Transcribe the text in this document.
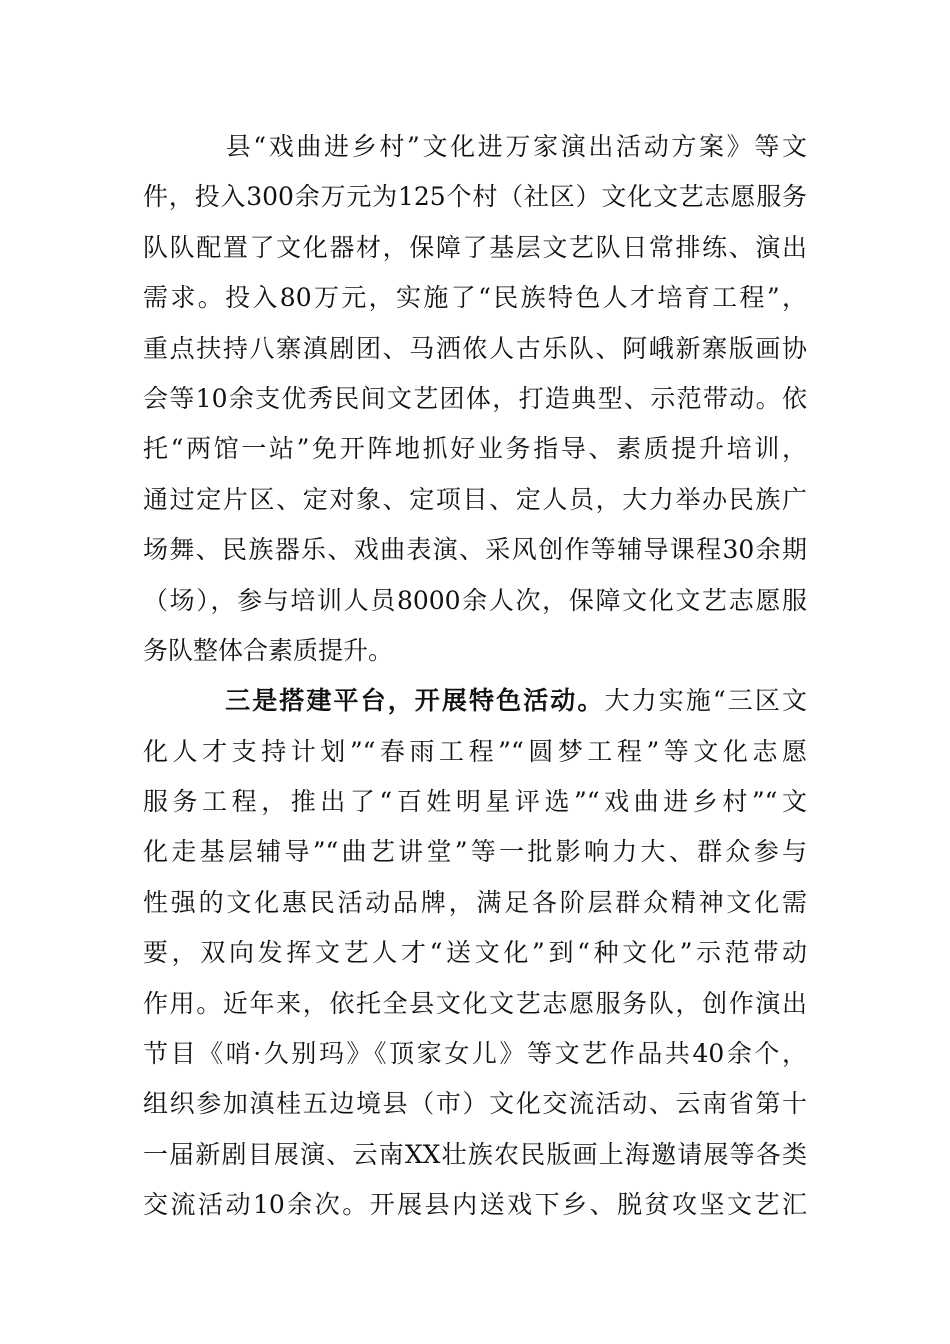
县“戏曲进乡村”文化进万家演出活动方案》等文
件，投入300余万元为125个村（社区）文化文艺志愿服务
队队配置了文化器材，保障了基层文艺队日常排练、演出
需求。投入80万元，实施了“民族特色人才培育工程”，
重点扶持八寨滇剧团、马洒侬人古乐队、阿峨新寨版画协
会等10余支优秀民间文艺团体，打造典型、示范带动。依
托“两馆一站”免开阵地抓好业务指导、素质提升培训，
通过定片区、定对象、定项目、定人员，大力举办民族广
场舞、民族器乐、戏曲表演、采风创作等辅导课程30余期
（场），参与培训人员8000余人次，保障文化文艺志愿服
务队整体合素质提升。
三是搭建平台，开展特色活动。大力实施“三区文
化人才支持计划”“春雨工程”“圆梦工程”等文化志愿
服务工程，推出了“百姓明星评选”“戏曲进乡村”“文
化走基层辅导”“曲艺讲堂”等一批影响力大、群众参与
性强的文化惠民活动品牌，满足各阶层群众精神文化需
要，双向发挥文艺人才“送文化”到“种文化”示范带动
作用。近年来，依托全县文化文艺志愿服务队，创作演出
节目《哨·久别玛》《顶家女儿》等文艺作品共40余个，
组织参加滇桂五边境县（市）文化交流活动、云南省第十
一届新剧目展演、云南XX壮族农民版画上海邀请展等各类
交流活动10余次。开展县内送戏下乡、脱贫攻坚文艺汇
